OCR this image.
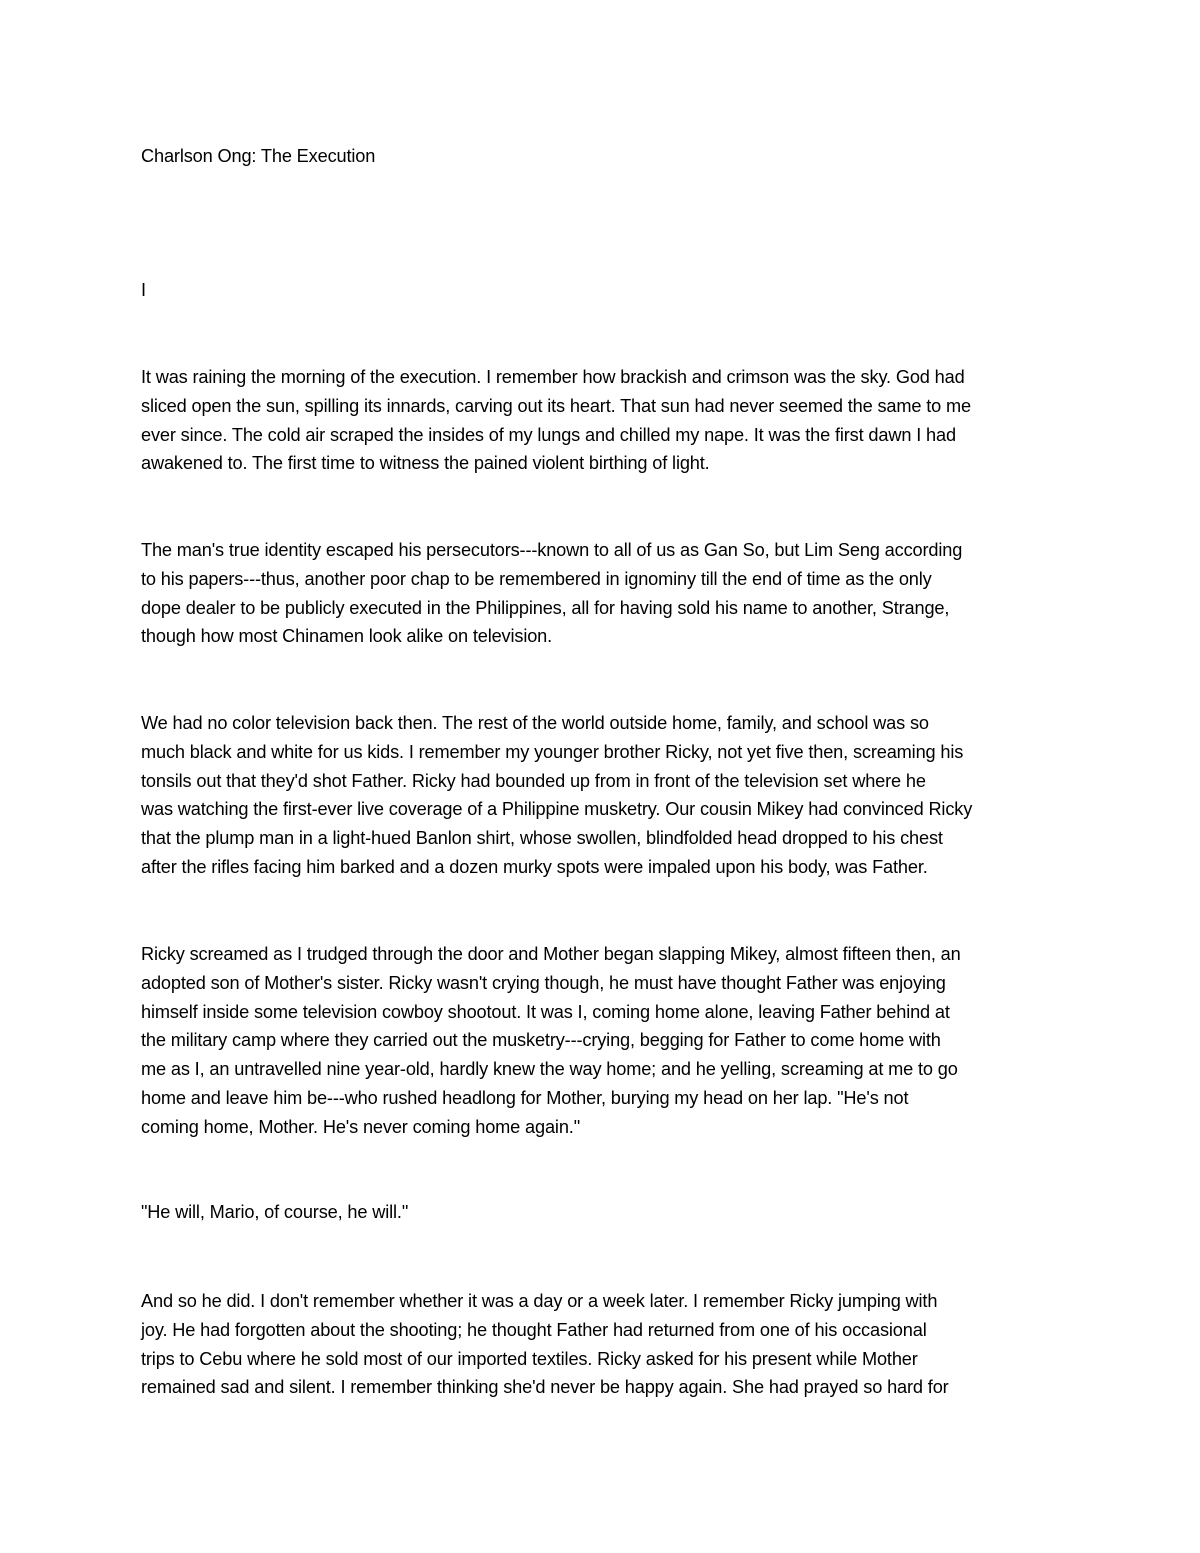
Charlson Ong: The Execution

I

It was raining the morning of the execution. I remember how brackish and crimson was the sky. God had
sliced open the sun, spilling its innards, carving out its heart. That sun had never seemed the same to me
ever since. The cold air scraped the insides of my lungs and chilled my nape. It was the first dawn I had
awakened to. The first time to witness the pained violent birthing of light.

The man's true identity escaped his persecutors---known to all of us as Gan So, but Lim Seng according
to his papers---thus, another poor chap to be remembered in ignominy till the end of time as the only
dope dealer to be publicly executed in the Philippines, all for having sold his name to another, Strange,
though how most Chinamen look alike on television.

We had no color television back then. The rest of the world outside home, family, and school was so
much black and white for us kids. I remember my younger brother Ricky, not yet five then, screaming his
tonsils out that they'd shot Father. Ricky had bounded up from in front of the television set where he
was watching the first-ever live coverage of a Philippine musketry. Our cousin Mikey had convinced Ricky
that the plump man in a light-hued Banlon shirt, whose swollen, blindfolded head dropped to his chest
after the rifles facing him barked and a dozen murky spots were impaled upon his body, was Father.

Ricky screamed as I trudged through the door and Mother began slapping Mikey, almost fifteen then, an
adopted son of Mother's sister. Ricky wasn't crying though, he must have thought Father was enjoying
himself inside some television cowboy shootout. It was I, coming home alone, leaving Father behind at
the military camp where they carried out the musketry---crying, begging for Father to come home with
me as I, an untravelled nine year-old, hardly knew the way home; and he yelling, screaming at me to go
home and leave him be---who rushed headlong for Mother, burying my head on her lap. "He's not
coming home, Mother. He's never coming home again."

"He will, Mario, of course, he will."

And so he did. I don't remember whether it was a day or a week later. I remember Ricky jumping with
joy. He had forgotten about the shooting; he thought Father had returned from one of his occasional
trips to Cebu where he sold most of our imported textiles. Ricky asked for his present while Mother
remained sad and silent. I remember thinking she'd never be happy again. She had prayed so hard for
